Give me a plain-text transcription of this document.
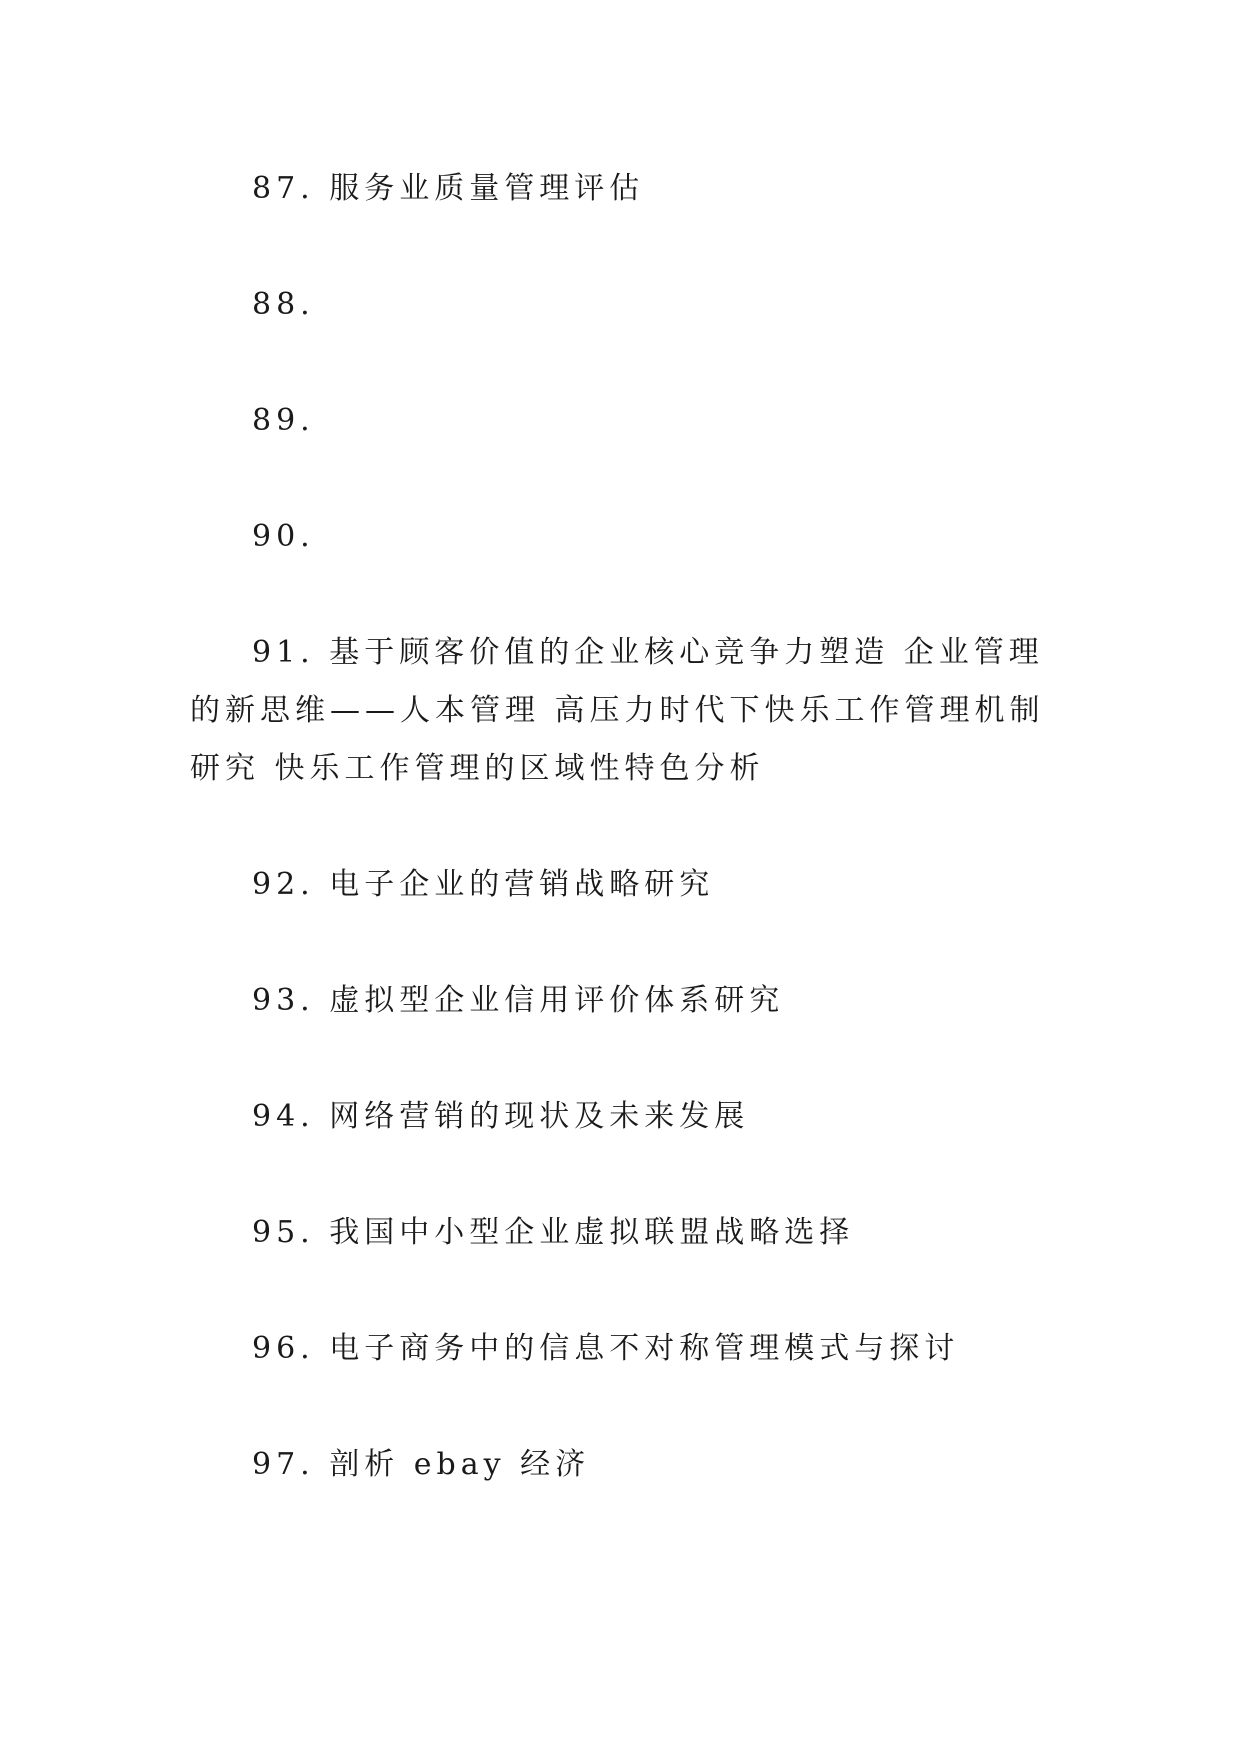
87. 服务业质量管理评估

88.

89.

90.

91. 基于顾客价值的企业核心竞争力塑造 企业管理的新思维——人本管理 高压力时代下快乐工作管理机制研究 快乐工作管理的区域性特色分析

92. 电子企业的营销战略研究

93. 虚拟型企业信用评价体系研究

94. 网络营销的现状及未来发展

95. 我国中小型企业虚拟联盟战略选择

96. 电子商务中的信息不对称管理模式与探讨

97. 剖析 ebay 经济
